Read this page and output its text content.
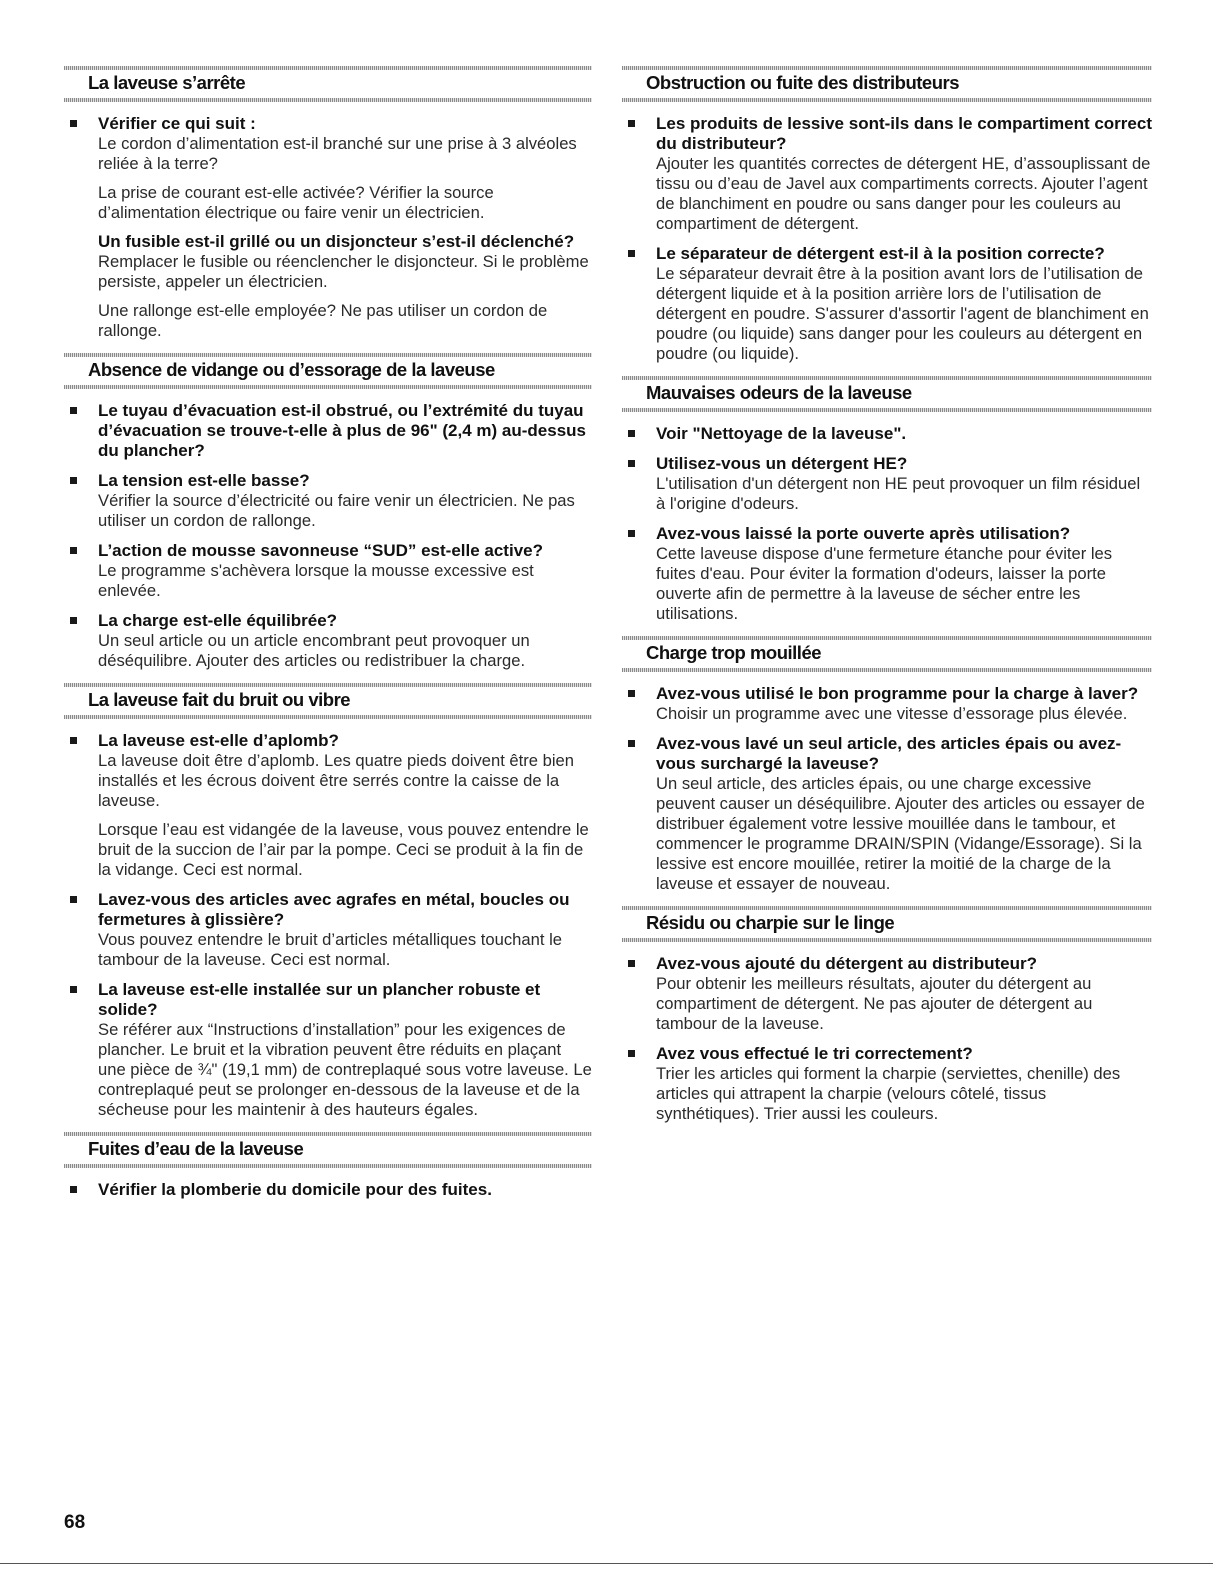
La laveuse s’arrête
Vérifier ce qui suit :
Le cordon d’alimentation est-il branché sur une prise à 3 alvéoles reliée à la terre?
La prise de courant est-elle activée? Vérifier la source d’alimentation électrique ou faire venir un électricien.
Un fusible est-il grillé ou un disjoncteur s’est-il déclenché?
Remplacer le fusible ou réenclencher le disjoncteur. Si le problème persiste, appeler un électricien.
Une rallonge est-elle employée? Ne pas utiliser un cordon de rallonge.
Absence de vidange ou d’essorage de la laveuse
Le tuyau d’évacuation est-il obstrué, ou l’extrémité du tuyau d’évacuation se trouve-t-elle à plus de 96" (2,4 m) au-dessus du plancher?
La tension est-elle basse?
Vérifier la source d’électricité ou faire venir un électricien. Ne pas utiliser un cordon de rallonge.
L’action de mousse savonneuse “SUD” est-elle active?
Le programme s'achèvera lorsque la mousse excessive est enlevée.
La charge est-elle équilibrée?
Un seul article ou un article encombrant peut provoquer un déséquilibre. Ajouter des articles ou redistribuer la charge.
La laveuse fait du bruit ou vibre
La laveuse est-elle d’aplomb?
La laveuse doit être d’aplomb. Les quatre pieds doivent être bien installés et les écrous doivent être serrés contre la caisse de la laveuse.
Lorsque l’eau est vidangée de la laveuse, vous pouvez entendre le bruit de la succion de l’air par la pompe. Ceci se produit à la fin de la vidange. Ceci est normal.
Lavez-vous des articles avec agrafes en métal, boucles ou fermetures à glissière?
Vous pouvez entendre le bruit d’articles métalliques touchant le tambour de la laveuse. Ceci est normal.
La laveuse est-elle installée sur un plancher robuste et solide?
Se référer aux “Instructions d’installation” pour les exigences de plancher. Le bruit et la vibration peuvent être réduits en plaçant une pièce de ¾" (19,1 mm) de contreplaqué sous votre laveuse. Le contreplaqué peut se prolonger en-dessous de la laveuse et de la sécheuse pour les maintenir à des hauteurs égales.
Fuites d’eau de la laveuse
Vérifier la plomberie du domicile pour des fuites.
Obstruction ou fuite des distributeurs
Les produits de lessive sont-ils dans le compartiment correct du distributeur?
Ajouter les quantités correctes de détergent HE, d’assouplissant de tissu ou d’eau de Javel aux compartiments corrects. Ajouter l’agent de blanchiment en poudre ou sans danger pour les couleurs au compartiment de détergent.
Le séparateur de détergent est-il à la position correcte?
Le séparateur devrait être à la position avant lors de l’utilisation de détergent liquide et à la position arrière lors de l’utilisation de détergent en poudre. S'assurer d'assortir l'agent de blanchiment en poudre (ou liquide) sans danger pour les couleurs au détergent en poudre (ou liquide).
Mauvaises odeurs de la laveuse
Voir "Nettoyage de la laveuse".
Utilisez-vous un détergent HE?
L'utilisation d'un détergent non HE peut provoquer un film résiduel à l'origine d'odeurs.
Avez-vous laissé la porte ouverte après utilisation?
Cette laveuse dispose d'une fermeture étanche pour éviter les fuites d'eau. Pour éviter la formation d'odeurs, laisser la porte ouverte afin de permettre à la laveuse de sécher entre les utilisations.
Charge trop mouillée
Avez-vous utilisé le bon programme pour la charge à laver?
Choisir un programme avec une vitesse d’essorage plus élevée.
Avez-vous lavé un seul article, des articles épais ou avez-vous surchargé la laveuse?
Un seul article, des articles épais, ou une charge excessive peuvent causer un déséquilibre. Ajouter des articles ou essayer de distribuer également votre lessive mouillée dans le tambour, et commencer le programme DRAIN/SPIN (Vidange/Essorage). Si la lessive est encore mouillée, retirer la moitié de la charge de la laveuse et essayer de nouveau.
Résidu ou charpie sur le linge
Avez-vous ajouté du détergent au distributeur?
Pour obtenir les meilleurs résultats, ajouter du détergent au compartiment de détergent. Ne pas ajouter de détergent au tambour de la laveuse.
Avez vous effectué le tri correctement?
Trier les articles qui forment la charpie (serviettes, chenille) des articles qui attrapent la charpie (velours côtelé, tissus synthétiques). Trier aussi les couleurs.
68
